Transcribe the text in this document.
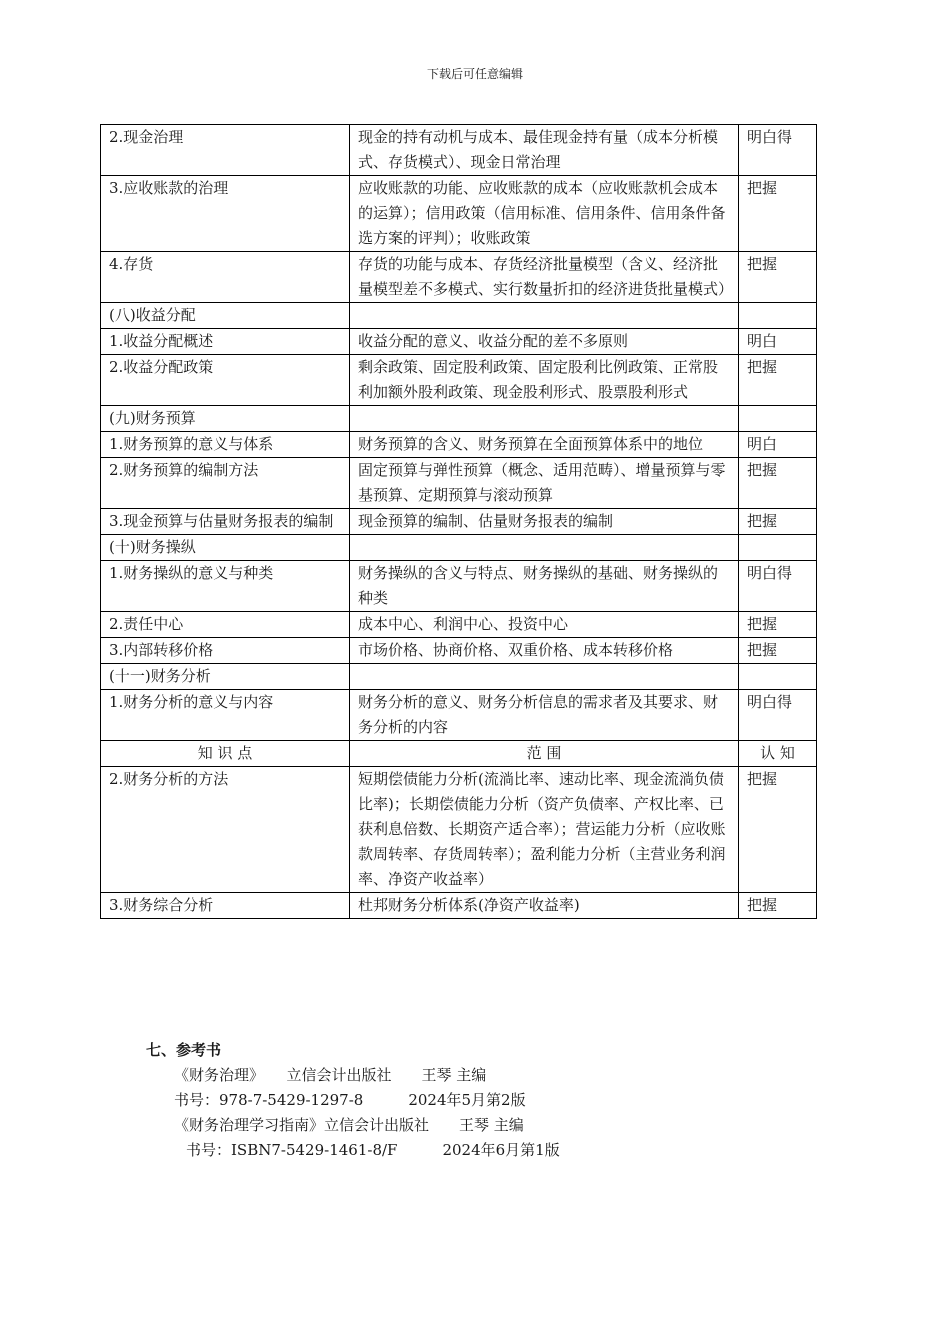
下载后可任意编辑
2.现金治理	现金的持有动机与成本、最佳现金持有量（成本分析模式、存货模式）、现金日常治理	明白得
3.应收账款的治理	应收账款的功能、应收账款的成本（应收账款机会成本的运算）；信用政策（信用标准、信用条件、信用条件备选方案的评判）；收账政策	把握
4.存货	存货的功能与成本、存货经济批量模型（含义、经济批量模型差不多模式、实行数量折扣的经济进货批量模式）	把握
(八)收益分配		
1.收益分配概述	收益分配的意义、收益分配的差不多原则	明白
2.收益分配政策	剩余政策、固定股利政策、固定股利比例政策、正常股利加额外股利政策、现金股利形式、股票股利形式	把握
(九)财务预算		
1.财务预算的意义与体系	财务预算的含义、财务预算在全面预算体系中的地位	明白
2.财务预算的编制方法	固定预算与弹性预算（概念、适用范畴）、增量预算与零基预算、定期预算与滚动预算	把握
3.现金预算与估量财务报表的编制	现金预算的编制、估量财务报表的编制	把握
(十)财务操纵		
1.财务操纵的意义与种类	财务操纵的含义与特点、财务操纵的基础、财务操纵的种类	明白得
2.责任中心	成本中心、利润中心、投资中心	把握
3.内部转移价格	市场价格、协商价格、双重价格、成本转移价格	把握
(十一)财务分析		
1.财务分析的意义与内容	财务分析的意义、财务分析信息的需求者及其要求、财务分析的内容	明白得
知 识 点	范 围	认 知
2.财务分析的方法	短期偿债能力分析(流淌比率、速动比率、现金流淌负债比率)；长期偿债能力分析（资产负债率、产权比率、已获利息倍数、长期资产适合率）；营运能力分析（应收账款周转率、存货周转率）；盈利能力分析（主营业务利润率、净资产收益率）	把握
3.财务综合分析	杜邦财务分析体系(净资产收益率)	把握
七、参考书
《财务治理》　　立信会计出版社　　王琴 主编
书号：978-7-5429-1297-8　　　2024年5月第2版
《财务治理学习指南》立信会计出版社　　王琴 主编
书号：ISBN7-5429-1461-8/F　　　2024年6月第1版
